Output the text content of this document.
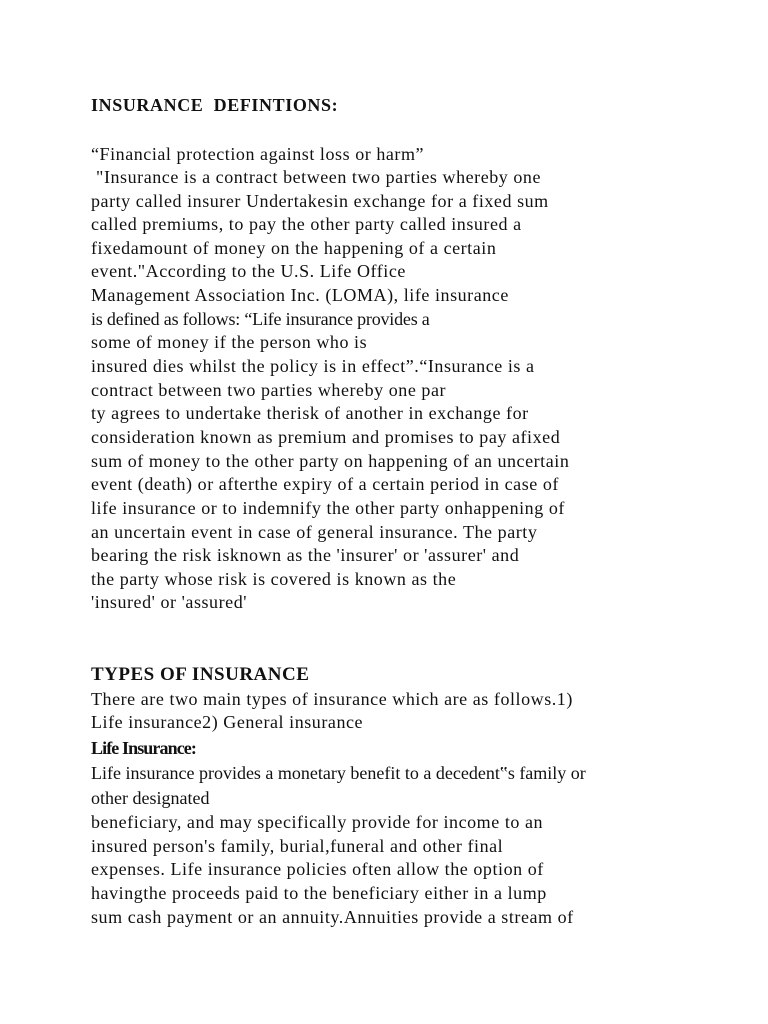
INSURANCE  DEFINTIONS:
“Financial protection against loss or harm”
"Insurance is a contract between two parties whereby one
party called insurer Undertakesin exchange for a fixed sum
called premiums, to pay the other party called insured a
fixedamount of money on the happening of a certain
event."According to the U.S. Life Office
Management Association Inc. (LOMA), life insurance
is defined as follows: “Life insurance provides a
some of money if the person who is
insured dies whilst the policy is in effect”.“Insurance is a
contract between two parties whereby one par
ty agrees to undertake therisk of another in exchange for
consideration known as premium and promises to pay afixed
sum of money to the other party on happening of an uncertain
event (death) or afterthe expiry of a certain period in case of
life insurance or to indemnify the other party onhappening of
an uncertain event in case of general insurance. The party
bearing the risk isknown as the 'insurer' or 'assurer' and
the party whose risk is covered is known as the
'insured' or 'assured'
TYPES OF INSURANCE
There are two main types of insurance which are as follows.1)
Life insurance2) General insurance
Life Insurance:
Life insurance provides a monetary benefit to a decedent‟s family or
other designated
beneficiary, and may specifically provide for income to an
insured person's family, burial,funeral and other final
expenses. Life insurance policies often allow the option of
havingthe proceeds paid to the beneficiary either in a lump
sum cash payment or an annuity.Annuities provide a stream of
